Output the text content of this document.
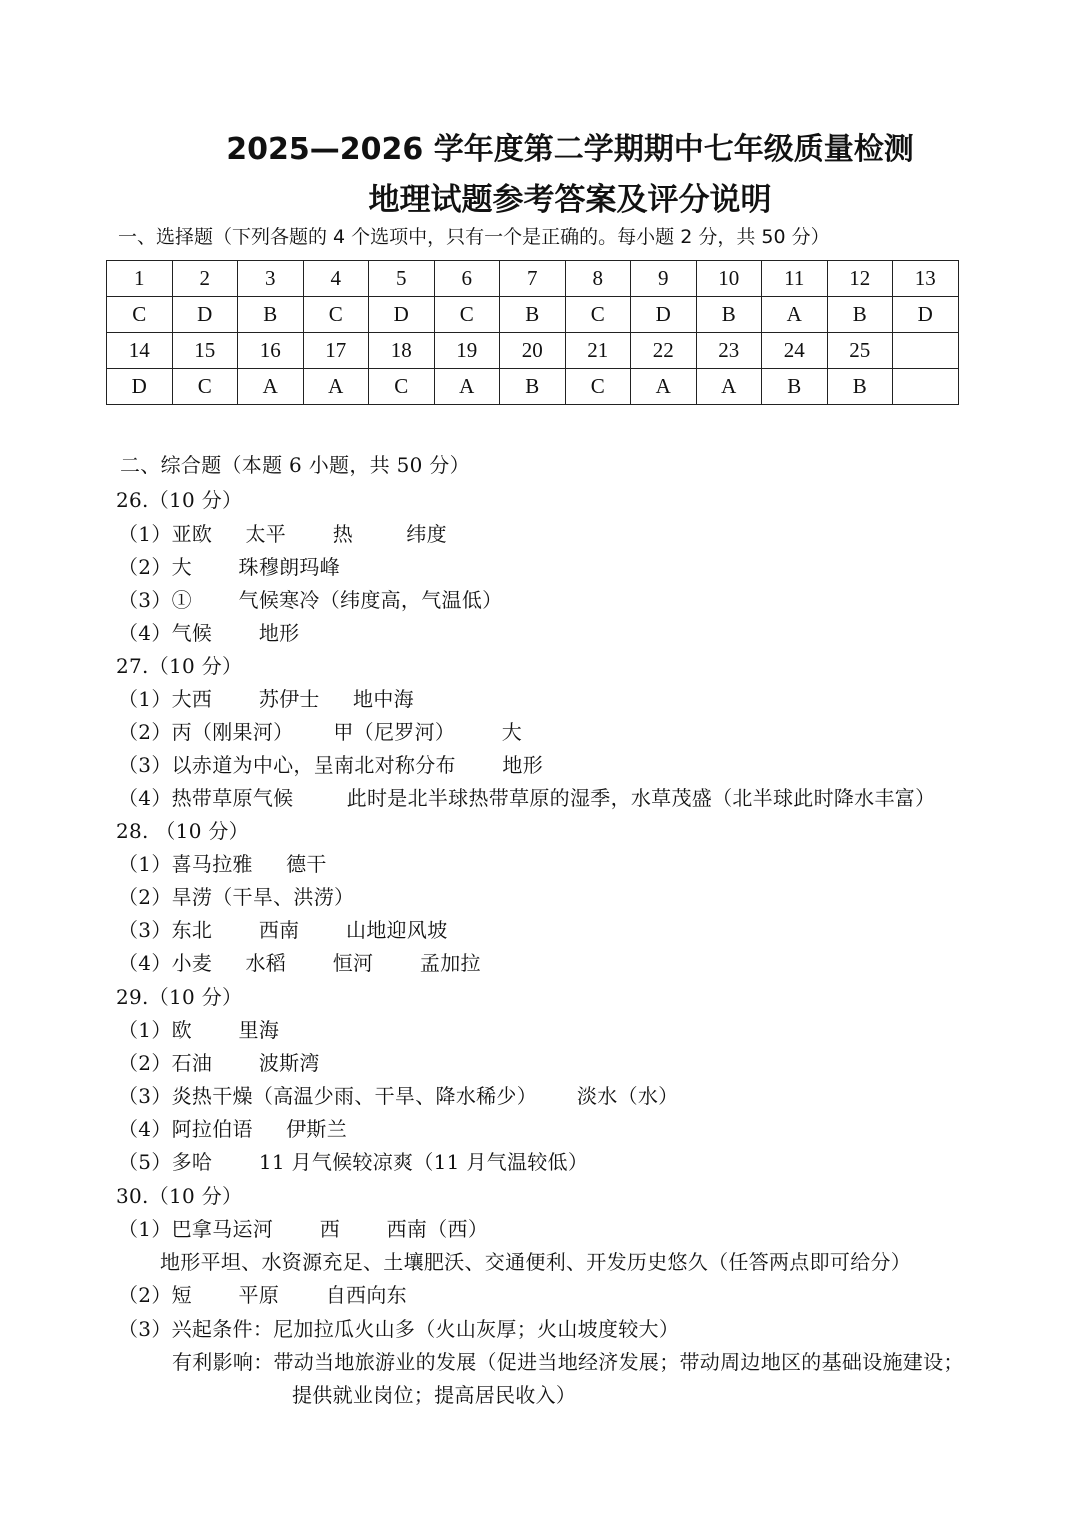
2025—2026 学年度第二学期期中七年级质量检测
地理试题参考答案及评分说明
一、选择题（下列各题的 4 个选项中，只有一个是正确的。每小题 2 分，共 50 分）
1	2	3	4	5	6	7	8	9	10	11	12	13
C	D	B	C	D	C	B	C	D	B	A	B	D
14	15	16	17	18	19	20	21	22	23	24	25	
D	C	A	A	C	A	B	C	A	A	B	B	
二、综合题（本题 6 小题，共 50 分）
26.（10 分）
（1）亚欧     太平       热        纬度
（2）大       珠穆朗玛峰
（3）①       气候寒冷（纬度高，气温低）
（4）气候       地形
27.（10 分）
（1）大西       苏伊士     地中海
（2）丙（刚果河）      甲（尼罗河）       大
（3）以赤道为中心，呈南北对称分布       地形
（4）热带草原气候        此时是北半球热带草原的湿季，水草茂盛（北半球此时降水丰富）
28. （10 分）
（1）喜马拉雅     德干
（2）旱涝（干旱、洪涝）
（3）东北       西南       山地迎风坡
（4）小麦     水稻       恒河       孟加拉
29.（10 分）
（1）欧       里海
（2）石油       波斯湾
（3）炎热干燥（高温少雨、干旱、降水稀少）      淡水（水）
（4）阿拉伯语     伊斯兰
（5）多哈       11 月气候较凉爽（11 月气温较低）
30.（10 分）
（1）巴拿马运河       西       西南（西）
地形平坦、水资源充足、土壤肥沃、交通便利、开发历史悠久（任答两点即可给分）
（2）短       平原       自西向东
（3）兴起条件：尼加拉瓜火山多（火山灰厚；火山坡度较大）
有利影响：带动当地旅游业的发展（促进当地经济发展；带动周边地区的基础设施建设；
提供就业岗位；提高居民收入）
